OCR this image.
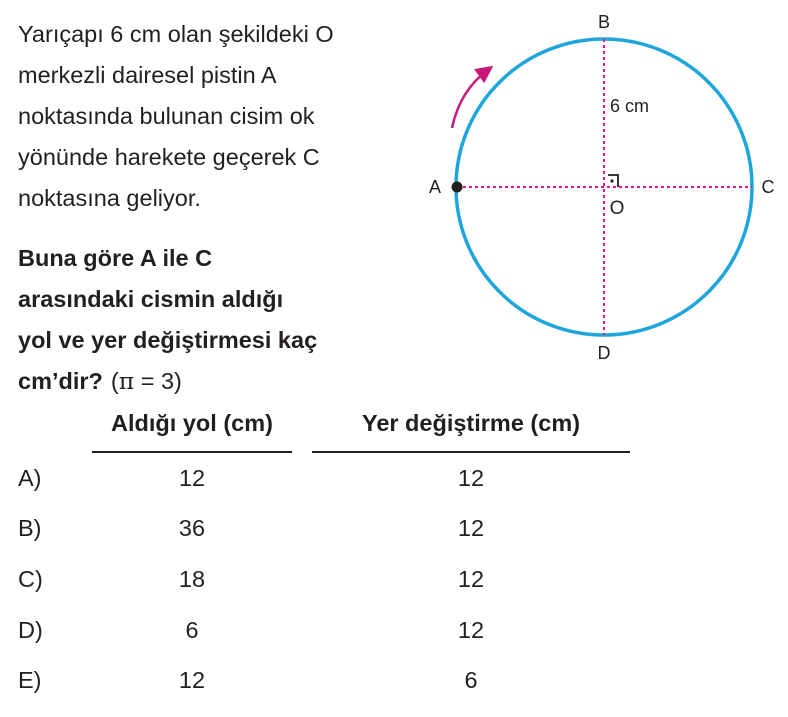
Yarıçapı 6 cm olan şekildeki O
merkezli dairesel pistin A
noktasında bulunan cisim ok
yönünde harekete geçerek C
noktasına geliyor.
Buna göre A ile C
arasındaki cismin aldığı
yol ve yer değiştirmesi kaç
cm’dir? (π = 3)
B
D
A	C
O
6 cm
Aldığı yol (cm)	Yer değiştirme (cm)
A)	12	12
B)	36	12
C)	18	12
D)	6	12
E)	12	6
